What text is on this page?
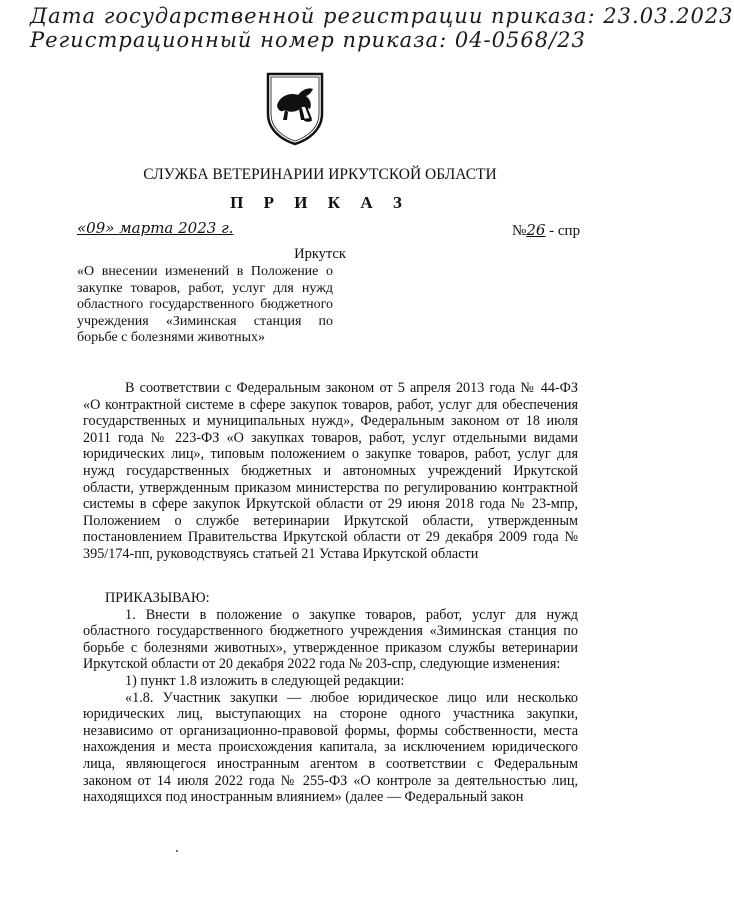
Дата государственной регистрации приказа: 23.03.2023
Регистрационный номер приказа: 04-0568/23
СЛУЖБА ВЕТЕРИНАРИИ ИРКУТСКОЙ ОБЛАСТИ
П Р И К А З
«09» марта 2023 г.	№26 - спр
Иркутск
«О внесении изменений в Положение о закупке товаров, работ, услуг для нужд областного государственного бюджетного учреждения «Зиминская станция по борьбе с болезнями животных»

В соответствии с Федеральным законом от 5 апреля 2013 года № 44-ФЗ «О контрактной системе в сфере закупок товаров, работ, услуг для обеспечения государственных и муниципальных нужд», Федеральным законом от 18 июля 2011 года № 223-ФЗ «О закупках товаров, работ, услуг отдельными видами юридических лиц», типовым положением о закупке товаров, работ, услуг для нужд государственных бюджетных и автономных учреждений Иркутской области, утвержденным приказом министерства по регулированию контрактной системы в сфере закупок Иркутской области от 29 июня 2018 года № 23-мпр, Положением о службе ветеринарии Иркутской области, утвержденным постановлением Правительства Иркутской области от 29 декабря 2009 года № 395/174-пп, руководствуясь статьей 21 Устава Иркутской области

ПРИКАЗЫВАЮ:

1. Внести в положение о закупке товаров, работ, услуг для нужд областного государственного бюджетного учреждения «Зиминская станция по борьбе с болезнями животных», утвержденное приказом службы ветеринарии Иркутской области от 20 декабря 2022 года № 203-спр, следующие изменения:

1) пункт 1.8 изложить в следующей редакции:

«1.8. Участник закупки — любое юридическое лицо или несколько юридических лиц, выступающих на стороне одного участника закупки, независимо от организационно-правовой формы, формы собственности, места нахождения и места происхождения капитала, за исключением юридического лица, являющегося иностранным агентом в соответствии с Федеральным законом от 14 июля 2022 года № 255-ФЗ «О контроле за деятельностью лиц, находящихся под иностранным влиянием» (далее — Федеральный закон
